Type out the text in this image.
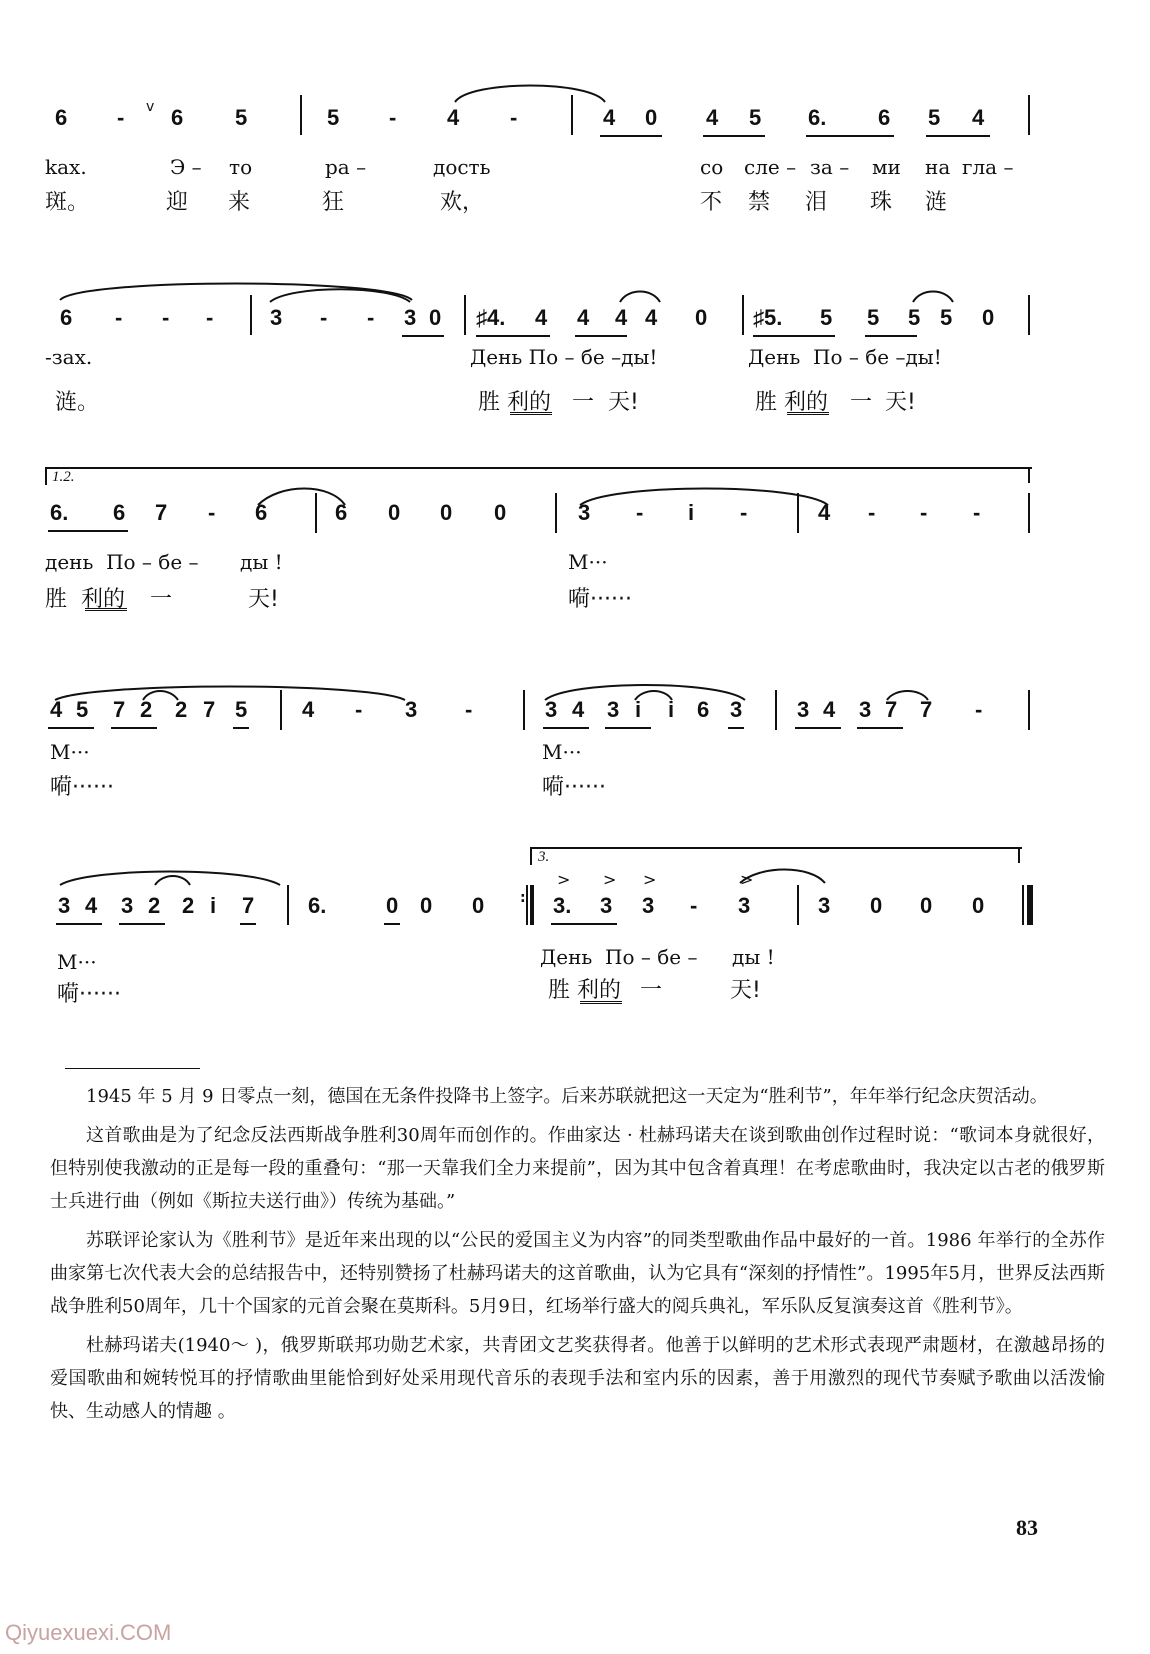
6 - v 6 5	5 - 4 -	4 0 4 5 6. 6 5 4
kax.	Э – то	ра –	дость	со сле – за – ми на гла –
斑。	迎 来	狂	欢，	不 禁 泪 珠 涟
6 - - -	3 - - 3 0 ♯4. 4 4 4 4 0 ♯5. 5 5 5 5 0
-зах.	День По – бе –ды!	День  По – бе –ды!
涟。	胜 利的 一 天!	胜 利的 一 天!
1.2.
6. 6 7 - 6	6 0 0 0	3 - i -	4 - - -
день  По – бе – ды !	M···
胜  利的 一	天!	嗬······
4 5 7 2 2 7 5 4 - 3 -	3 4 3 i i 6 3 3 4 3 7 7 -
M···	M···
嗬······	嗬······
3.
> > >	>
3 4 3 2 2 i 7 6.	0 0 0	3. 3 3 - 3	3 0 0 0
:
M···	День  По – бе – ды !
嗬······	胜 利的 一	天!

1945 年 5 月 9 日零点一刻，德国在无条件投降书上签字。后来苏联就把这一天定为“胜利节”，年年举行纪念庆贺活动。

这首歌曲是为了纪念反法西斯战争胜利30周年而创作的。作曲家达 · 杜赫玛诺夫在谈到歌曲创作过程时说：“歌词本身就很好，但特别使我激动的正是每一段的重叠句：“那一天靠我们全力来提前”，因为其中包含着真理！在考虑歌曲时，我决定以古老的俄罗斯士兵进行曲（例如《斯拉夫送行曲》）传统为基础。”

苏联评论家认为《胜利节》是近年来出现的以“公民的爱国主义为内容”的同类型歌曲作品中最好的一首。1986 年举行的全苏作曲家第七次代表大会的总结报告中，还特别赞扬了杜赫玛诺夫的这首歌曲，认为它具有“深刻的抒情性”。1995年5月，世界反法西斯战争胜利50周年，几十个国家的元首会聚在莫斯科。5月9日，红场举行盛大的阅兵典礼，军乐队反复演奏这首《胜利节》。

杜赫玛诺夫(1940～ )，俄罗斯联邦功勋艺术家，共青团文艺奖获得者。他善于以鲜明的艺术形式表现严肃题材，在激越昂扬的爱国歌曲和婉转悦耳的抒情歌曲里能恰到好处采用现代音乐的表现手法和室内乐的因素，善于用激烈的现代节奏赋予歌曲以活泼愉快、生动感人的情趣 。

83
Qiyuexuexi.COM
